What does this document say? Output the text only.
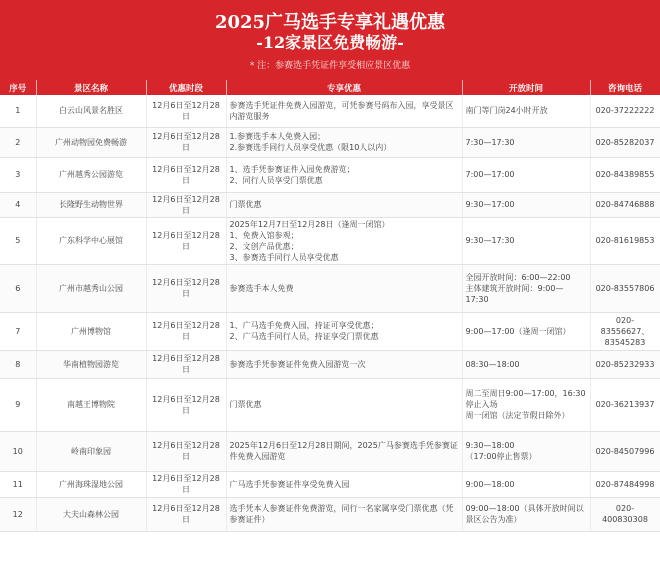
2025广马选手专享礼遇优惠
-12家景区免费畅游-
* 注：参赛选手凭证件享受相应景区优惠
序号	景区名称	优惠时段	专享优惠	开放时间	咨询电话
1	白云山风景名胜区	12月6日至12月28日	参赛选手凭证件免费入园游览，可凭参赛号码布入园，享受景区内游览服务	南门等门岗24小时开放	020-37222222
2	广州动物园免费畅游	12月6日至12月28日	1.参赛选手本人免费入园；
2.参赛选手同行人员享受优惠（限10人以内）	7:30—17:30	020-85282037
3	广州越秀公园游览	12月6日至12月28日	1、选手凭参赛证件入园免费游览；
2、同行人员享受门票优惠	7:00—17:00	020-84389855
4	长隆野生动物世界	12月6日至12月28日	门票优惠	9:30—17:00	020-84746888
5	广东科学中心展馆	12月6日至12月28日	2025年12月7日至12月28日（逢周一闭馆）
1、免费入馆参观；
2、文创产品优惠；
3、参赛选手同行人员享受优惠	9:30—17:30	020-81619853
6	广州市越秀山公园	12月6日至12月28日	参赛选手本人免费	全园开放时间：6:00—22:00
主体建筑开放时间：9:00—17:30	020-83557806
7	广州博物馆	12月6日至12月28日	1、广马选手免费入园，持证可享受优惠；
2、广马选手同行人员，持证享受门票优惠	9:00—17:00（逢周一闭馆）	020-83556627、83545283
8	华南植物园游览	12月6日至12月28日	参赛选手凭参赛证件免费入园游览一次	08:30—18:00	020-85232933
9	南越王博物院	12月6日至12月28日	门票优惠	周二至周日9:00—17:00，16:30停止入场
周一闭馆（法定节假日除外）	020-36213937
10	岭南印象园	12月6日至12月28日	2025年12月6日至12月28日期间，2025广马参赛选手凭参赛证件免费入园游览	9:30—18:00
（17:00停止售票）	020-84507996
11	广州海珠湿地公园	12月6日至12月28日	广马选手凭参赛证件享受免费入园	9:00—18:00	020-87484998
12	大夫山森林公园	12月6日至12月28日	选手凭本人参赛证件免费游览，同行一名家属享受门票优惠（凭参赛证件）	09:00—18:00（具体开放时间以景区公告为准）	020-400830308
